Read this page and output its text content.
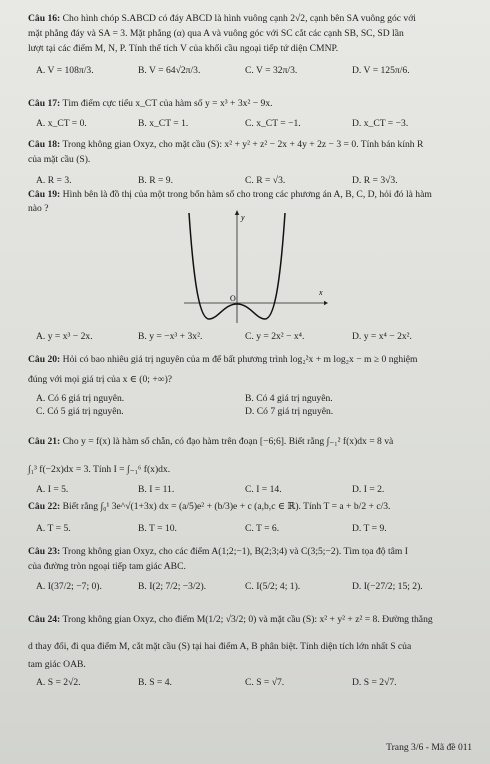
Câu 16: Cho hình chóp S.ABCD có đáy ABCD là hình vuông cạnh 2√2, cạnh bên SA vuông góc với
mặt phẳng đáy và SA = 3. Mặt phẳng (α) qua A và vuông góc với SC cắt các cạnh SB, SC, SD lần
lượt tại các điểm M, N, P. Tính thể tích V của khối cầu ngoại tiếp tứ diện CMNP.
A. V = 108π/3.	B. V = 64√2π/3.	C. V = 32π/3.	D. V = 125π/6.
Câu 17: Tìm điểm cực tiểu x_CT của hàm số y = x³ + 3x² − 9x.
A. x_CT = 0.	B. x_CT = 1.	C. x_CT = −1.	D. x_CT = −3.
Câu 18: Trong không gian Oxyz, cho mặt cầu (S): x² + y² + z² − 2x + 4y + 2z − 3 = 0. Tính bán kính R
của mặt cầu (S).
A. R = 3.	B. R = 9.	C. R = √3.	D. R = 3√3.
Câu 19: Hình bên là đồ thị của một trong bốn hàm số cho trong các phương án A, B, C, D, hỏi đó là hàm
nào ?
y
x
O
A. y = x³ − 2x.	B. y = −x³ + 3x².	C. y = 2x² − x⁴.	D. y = x⁴ − 2x².
Câu 20: Hỏi có bao nhiêu giá trị nguyên của m để bất phương trình log₂²x + m log₂x − m ≥ 0 nghiệm
đúng với mọi giá trị của x ∈ (0; +∞)?
A. Có 6 giá trị nguyên.	B. Có 4 giá trị nguyên.
C. Có 5 giá trị nguyên.	D. Có 7 giá trị nguyên.
Câu 21: Cho y = f(x) là hàm số chẵn, có đạo hàm trên đoạn [−6;6]. Biết rằng ∫₋₁² f(x)dx = 8 và
∫₁³ f(−2x)dx = 3. Tính I = ∫₋₁⁶ f(x)dx.
A. I = 5.	B. I = 11.	C. I = 14.	D. I = 2.
Câu 22: Biết rằng ∫₀¹ 3e^√(1+3x) dx = (a/5)e² + (b/3)e + c (a,b,c ∈ ℝ). Tính T = a + b/2 + c/3.
A. T = 5.	B. T = 10.	C. T = 6.	D. T = 9.
Câu 23: Trong không gian Oxyz, cho các điểm A(1;2;−1), B(2;3;4) và C(3;5;−2). Tìm tọa độ tâm I
của đường tròn ngoại tiếp tam giác ABC.
A. I(37/2; −7; 0).	B. I(2; 7/2; −3/2).	C. I(5/2; 4; 1).	D. I(−27/2; 15; 2).
Câu 24: Trong không gian Oxyz, cho điểm M(1/2; √3/2; 0) và mặt cầu (S): x² + y² + z² = 8. Đường thẳng
d thay đổi, đi qua điểm M, cắt mặt cầu (S) tại hai điểm A, B phân biệt. Tính diện tích lớn nhất S của
tam giác OAB.
A. S = 2√2.	B. S = 4.	C. S = √7.	D. S = 2√7.
Trang 3/6 - Mã đề 011
